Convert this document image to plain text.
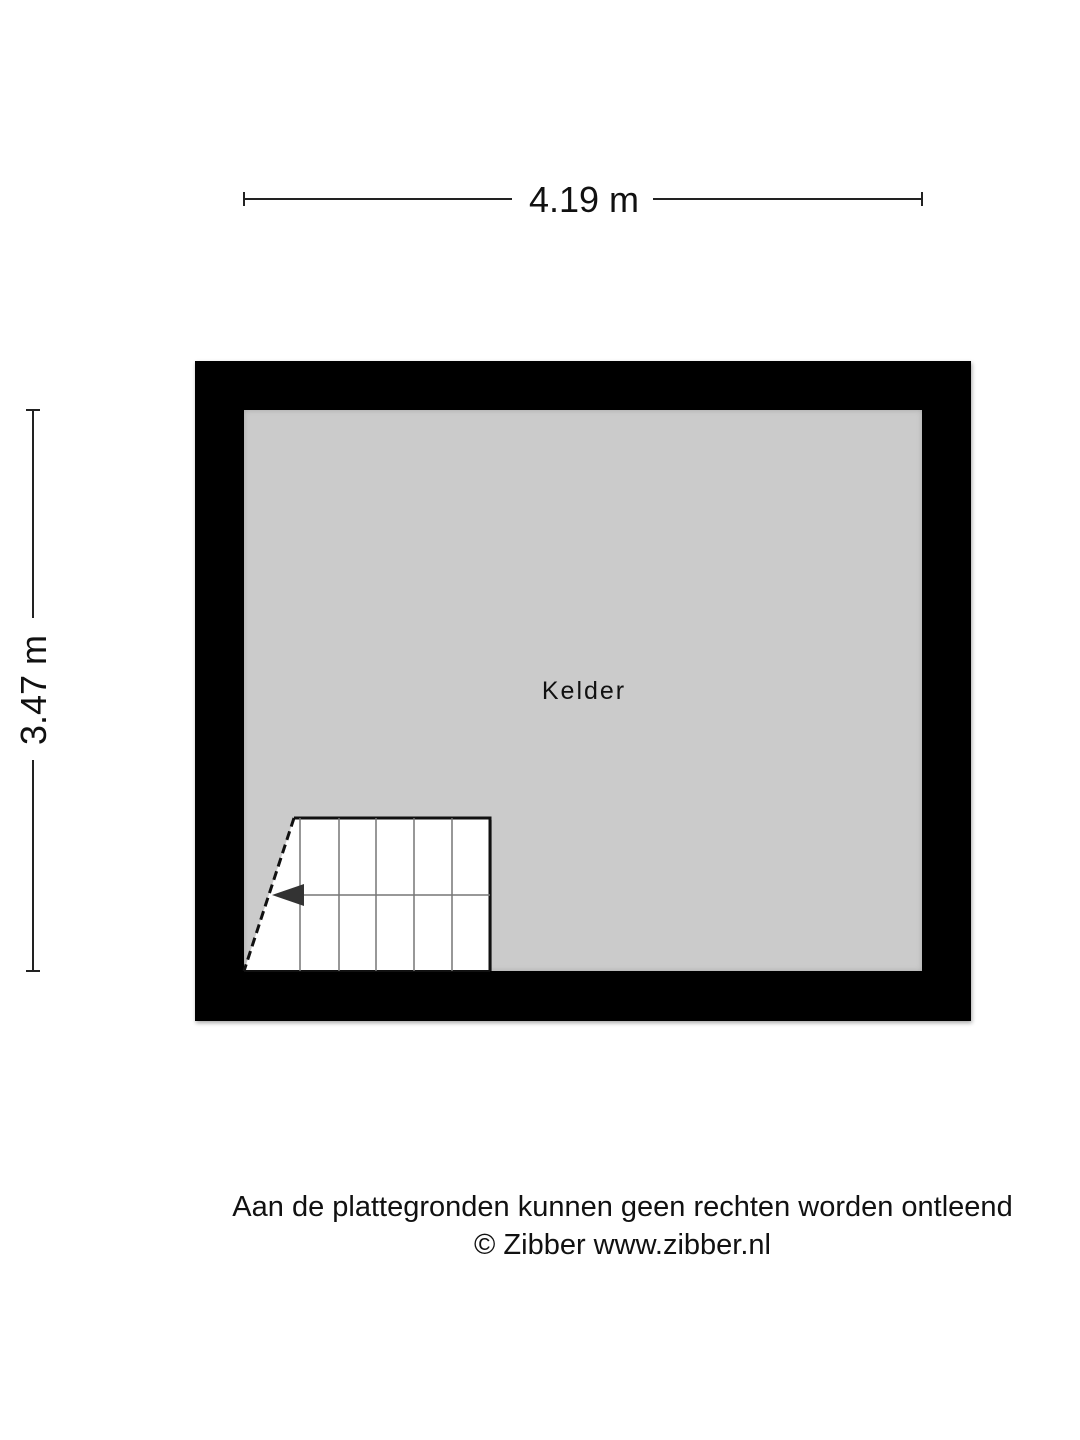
4.19 m
3.47 m	Kelder
Aan de plattegronden kunnen geen rechten worden ontleend
© Zibber www.zibber.nl
